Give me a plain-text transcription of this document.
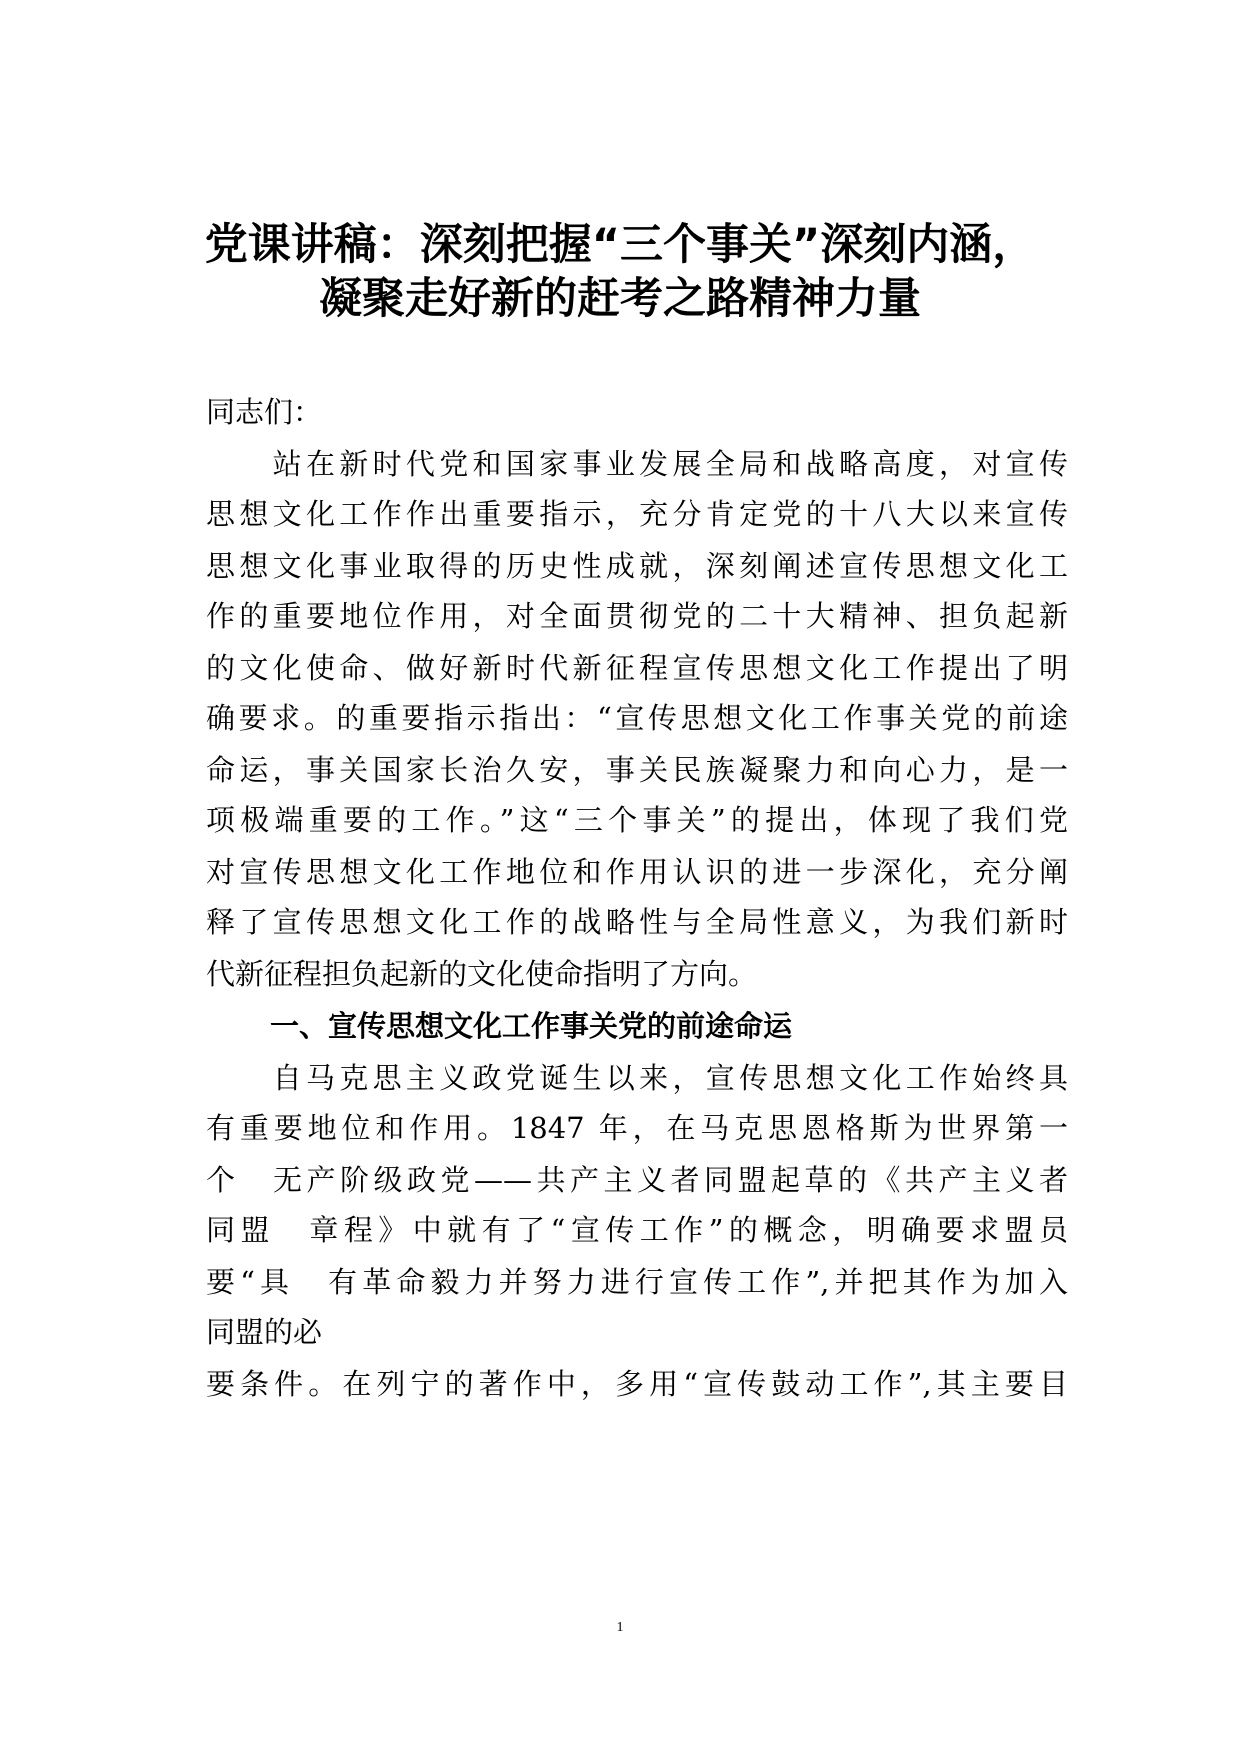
党课讲稿：深刻把握“三个事关”深刻内涵，
凝聚走好新的赶考之路精神力量

同志们：

　　站在新时代党和国家事业发展全局和战略高度，对宣传

思想文化工作作出重要指示，充分肯定党的十八大以来宣传

思想文化事业取得的历史性成就，深刻阐述宣传思想文化工

作的重要地位作用，对全面贯彻党的二十大精神、担负起新

的文化使命、做好新时代新征程宣传思想文化工作提出了明

确要求。的重要指示指出：“宣传思想文化工作事关党的前途

命运，事关国家长治久安，事关民族凝聚力和向心力，是一

项极端重要的工作。”这“三个事关”的提出，体现了我们党

对宣传思想文化工作地位和作用认识的进一步深化，充分阐

释了宣传思想文化工作的战略性与全局性意义，为我们新时

代新征程担负起新的文化使命指明了方向。

一、宣传思想文化工作事关党的前途命运

　　自马克思主义政党诞生以来，宣传思想文化工作始终具

有重要地位和作用。1847 年，在马克思恩格斯为世界第一

个　无产阶级政党——共产主义者同盟起草的《共产主义者

同盟　章程》中就有了“宣传工作”的概念，明确要求盟员

要“具　有革命毅力并努力进行宣传工作”,并把其作为加入

同盟的必

要条件。在列宁的著作中，多用“宣传鼓动工作”,其主要目

1
